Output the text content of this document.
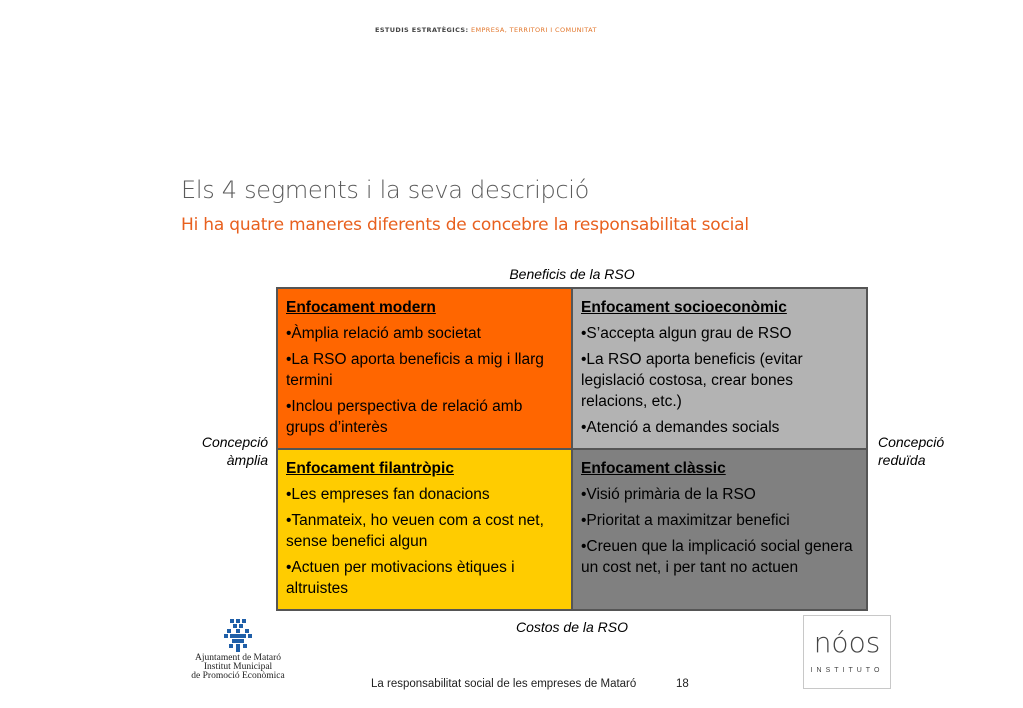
ESTUDIS ESTRATÈGICS: EMPRESA, TERRITORI I COMUNITAT
Els 4 segments i la seva descripció
Hi ha quatre maneres diferents de concebre la responsabilitat social
Beneficis de la RSO
Concepció
àmplia
Concepció
reduïda
Costos de la RSO
Enfocament modern
•Àmplia relació amb societat
•La RSO aporta beneficis a mig i llarg termini
•Inclou perspectiva de relació amb grups d’interès
Enfocament socioeconòmic
•S’accepta algun grau de RSO
•La RSO aporta beneficis (evitar legislació costosa, crear bones relacions, etc.)
•Atenció a demandes socials
Enfocament filantròpic
•Les empreses fan donacions
•Tanmateix, ho veuen com a cost net, sense benefici algun
•Actuen per motivacions ètiques i altruistes
Enfocament clàssic
•Visió primària de la RSO
•Prioritat a maximitzar benefici
•Creuen que la implicació social genera un cost net, i per tant no actuen
Ajuntament de Mataró
Institut Municipal
de Promoció Econòmica
La responsabilitat social de les empreses de Mataró	18
nóos
INSTITUTO
